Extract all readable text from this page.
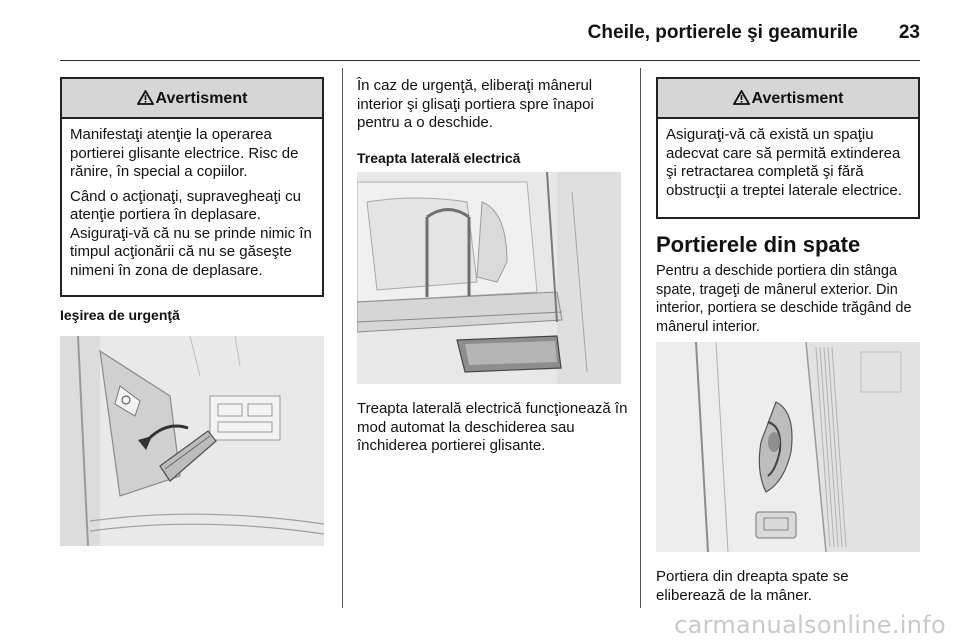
Cheile, portierele şi geamurile 23
Avertisment

Manifestaţi atenţie la operarea portierei glisante electrice. Risc de rănire, în special a copiilor.

Când o acţionaţi, supravegheaţi cu atenţie portiera în deplasare. Asiguraţi-vă că nu se prinde nimic în timpul acţionării că nu se găseşte nimeni în zona de deplasare.

Ieşirea de urgenţă
În caz de urgenţă, eliberaţi mânerul interior şi glisaţi portiera spre înapoi pentru a o deschide.
Treapta laterală electrică
Treapta laterală electrică funcţionează în mod automat la deschiderea sau închiderea portierei glisante.
Avertisment

Asiguraţi-vă că există un spaţiu adecvat care să permită extinderea şi retractarea completă şi fără obstrucţii a treptei laterale electrice.

Portierele din spate
Pentru a deschide portiera din stânga spate, trageţi de mânerul exterior. Din interior, portiera se deschide trăgând de mânerul interior.
Portiera din dreapta spate se eliberează de la mâner.
carmanualsonline.info
